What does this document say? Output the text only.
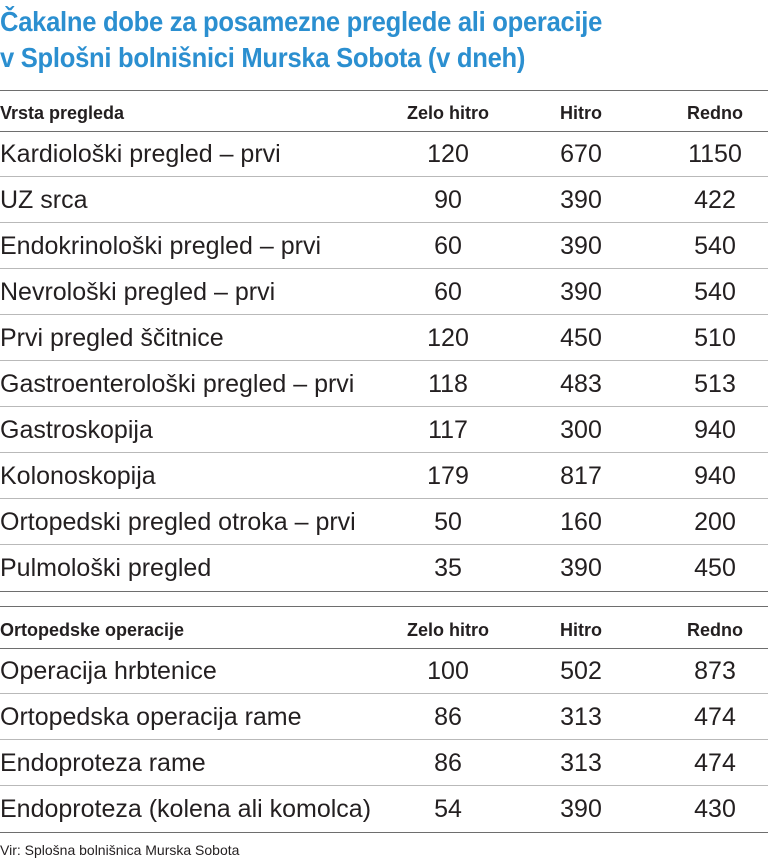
Čakalne dobe za posamezne preglede ali operacije
v Splošni bolnišnici Murska Sobota (v dneh)
Vrsta pregleda	Zelo hitro	Hitro	Redno
Kardiološki pregled – prvi	120	670	1150
UZ srca	90	390	422
Endokrinološki pregled – prvi	60	390	540
Nevrološki pregled – prvi	60	390	540
Prvi pregled ščitnice	120	450	510
Gastroenterološki pregled – prvi	118	483	513
Gastroskopija	117	300	940
Kolonoskopija	179	817	940
Ortopedski pregled otroka – prvi	50	160	200
Pulmološki pregled	35	390	450
Ortopedske operacije	Zelo hitro	Hitro	Redno
Operacija hrbtenice	100	502	873
Ortopedska operacija rame	86	313	474
Endoproteza rame	86	313	474
Endoproteza (kolena ali komolca)	54	390	430
Vir: Splošna bolnišnica Murska Sobota
